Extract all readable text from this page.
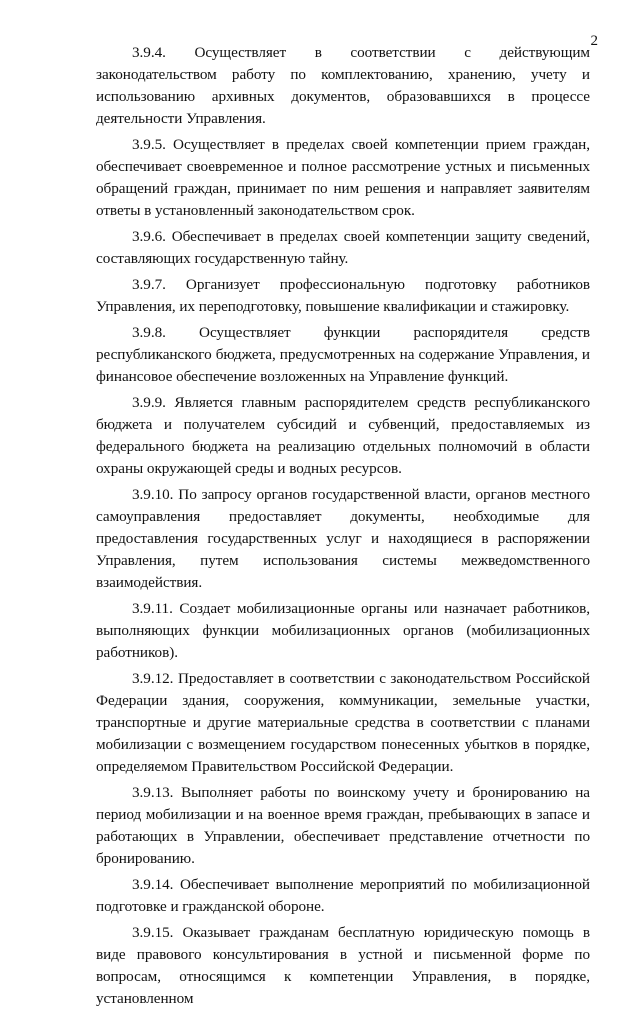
2

3.9.4. Осуществляет в соответствии с действующим законодательством работу по комплектованию, хранению, учету и использованию архивных документов, образовавшихся в процессе деятельности Управления.

3.9.5. Осуществляет в пределах своей компетенции прием граждан, обеспечивает своевременное и полное рассмотрение устных и письменных обращений граждан, принимает по ним решения и направляет заявителям ответы в установленный законодательством срок.

3.9.6. Обеспечивает в пределах своей компетенции защиту сведений, составляющих государственную тайну.

3.9.7. Организует профессиональную подготовку работников Управления, их переподготовку, повышение квалификации и стажировку.

3.9.8. Осуществляет функции распорядителя средств республиканского бюджета, предусмотренных на содержание Управления, и финансовое обеспечение возложенных на Управление функций.

3.9.9. Является главным распорядителем средств республиканского бюджета и получателем субсидий и субвенций, предоставляемых из федерального бюджета на реализацию отдельных полномочий в области охраны окружающей среды и водных ресурсов.

3.9.10. По запросу органов государственной власти, органов местного самоуправления предоставляет документы, необходимые для предоставления государственных услуг и находящиеся в распоряжении Управления, путем использования системы межведомственного взаимодействия.

3.9.11. Создает мобилизационные органы или назначает работников, выполняющих функции мобилизационных органов (мобилизационных работников).

3.9.12. Предоставляет в соответствии с законодательством Российской Федерации здания, сооружения, коммуникации, земельные участки, транспортные и другие материальные средства в соответствии с планами мобилизации с возмещением государством понесенных убытков в порядке, определяемом Правительством Российской Федерации.

3.9.13. Выполняет работы по воинскому учету и бронированию на период мобилизации и на военное время граждан, пребывающих в запасе и работающих в Управлении, обеспечивает представление отчетности по бронированию.

3.9.14. Обеспечивает выполнение мероприятий по мобилизационной подготовке и гражданской обороне.

3.9.15. Оказывает гражданам бесплатную юридическую помощь в виде правового консультирования в устной и письменной форме по вопросам, относящимся к компетенции Управления, в порядке, установленном
